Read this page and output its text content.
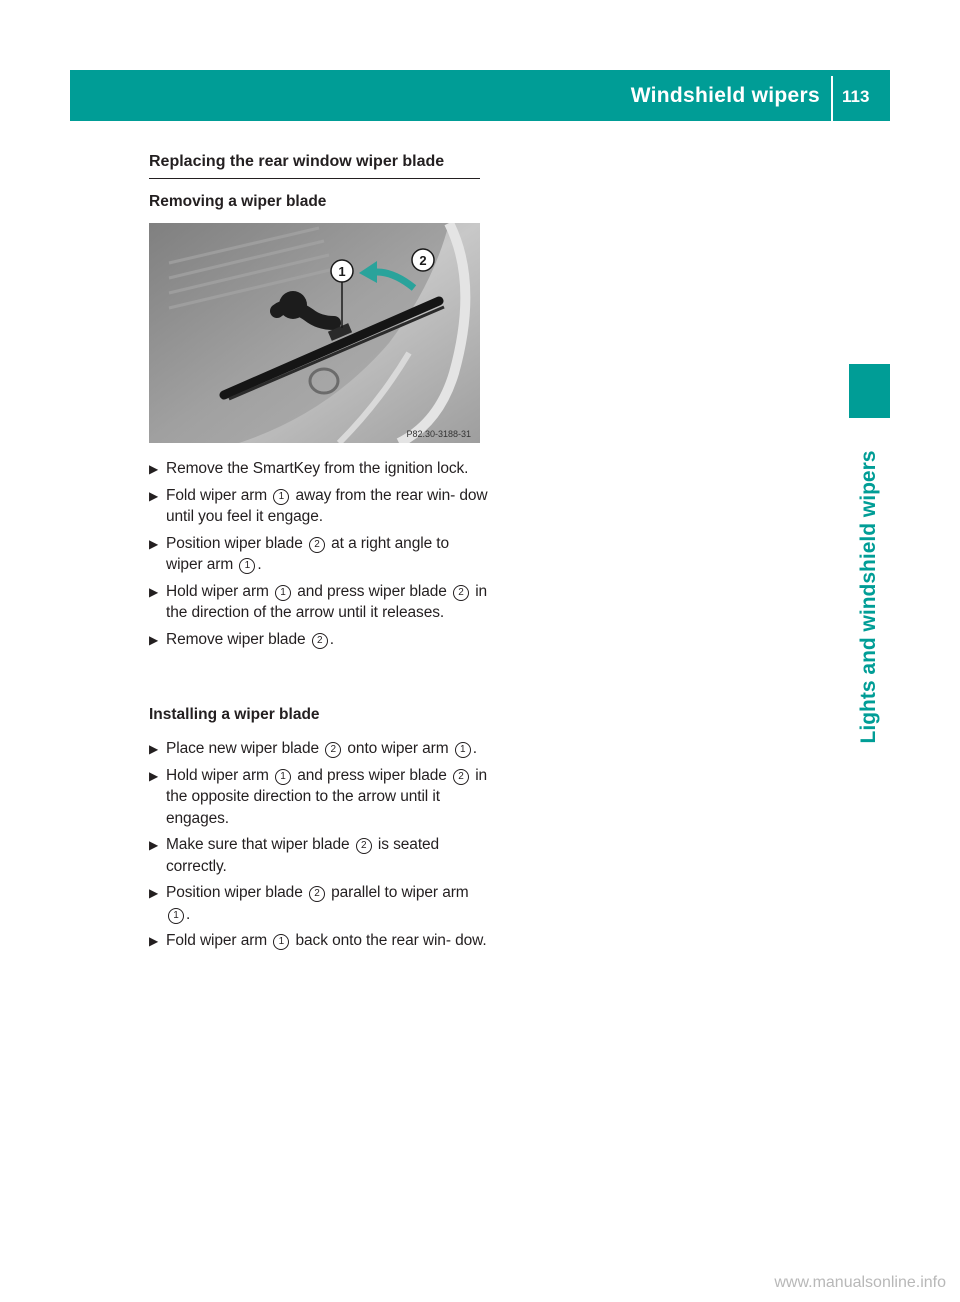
Windshield wipers 113
Lights and windshield wipers
Replacing the rear window wiper blade
Removing a wiper blade
1
2
P82.30-3188-31
▶ Remove the SmartKey from the ignition lock.
▶ Fold wiper arm 1 away from the rear win- dow until you feel it engage.
▶ Position wiper blade 2 at a right angle to wiper arm 1 .
▶ Hold wiper arm 1 and press wiper blade 2 in the direction of the arrow until it releases.
▶ Remove wiper blade 2 .
Installing a wiper blade
▶ Place new wiper blade 2 onto wiper arm 1 .
▶ Hold wiper arm 1 and press wiper blade 2 in the opposite direction to the arrow until it engages.
▶ Make sure that wiper blade 2 is seated correctly.
▶ Position wiper blade 2 parallel to wiper arm 1 .
▶ Fold wiper arm 1 back onto the rear win- dow.
www.manualsonline.info
